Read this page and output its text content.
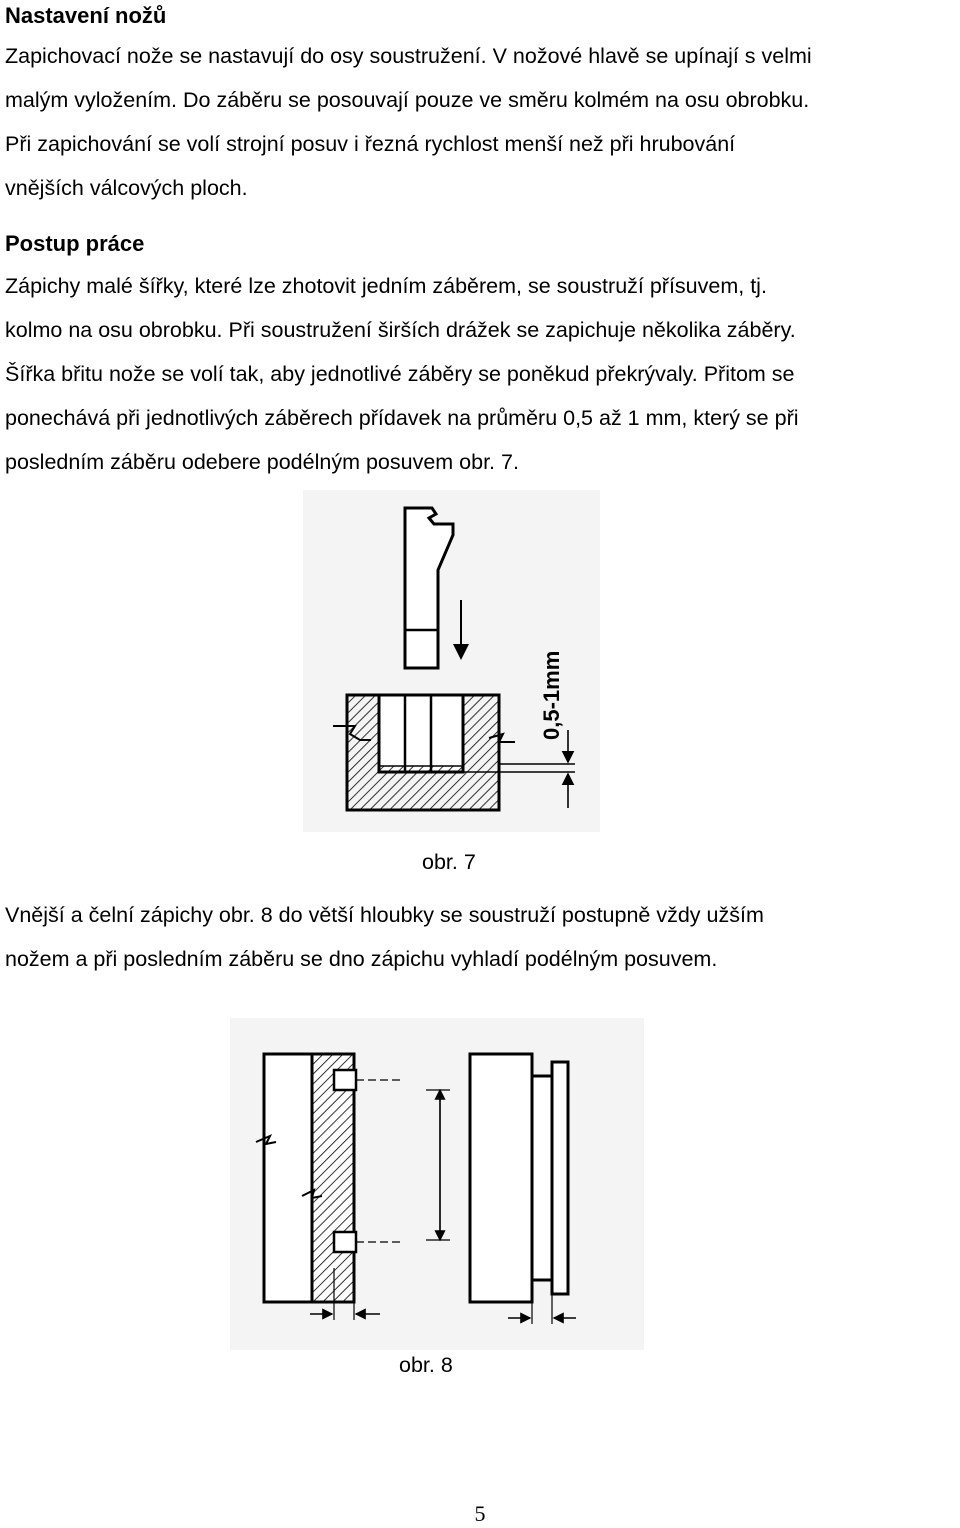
Nastavení nožů
Zapichovací nože se nastavují do osy soustružení. V nožové hlavě se upínají s velmi
malým vyložením. Do záběru se posouvají pouze ve směru kolmém na osu obrobku.
Při zapichování se volí strojní posuv i řezná rychlost menší než při hrubování
vnějších válcových ploch.
Postup práce
Zápichy malé šířky, které lze zhotovit jedním záběrem, se soustruží přísuvem, tj.
kolmo na osu obrobku. Při soustružení širších drážek se zapichuje několika záběry.
Šířka břitu nože se volí tak, aby jednotlivé záběry se poněkud překrývaly. Přitom se
ponechává při jednotlivých záběrech přídavek na průměru 0,5 až 1 mm, který se při
posledním záběru odebere podélným posuvem obr. 7.
0,5-1mm
obr. 7
Vnější a čelní zápichy obr. 8 do větší hloubky se soustruží postupně vždy užším
nožem a při posledním záběru se dno zápichu vyhladí podélným posuvem.
obr. 8
5
